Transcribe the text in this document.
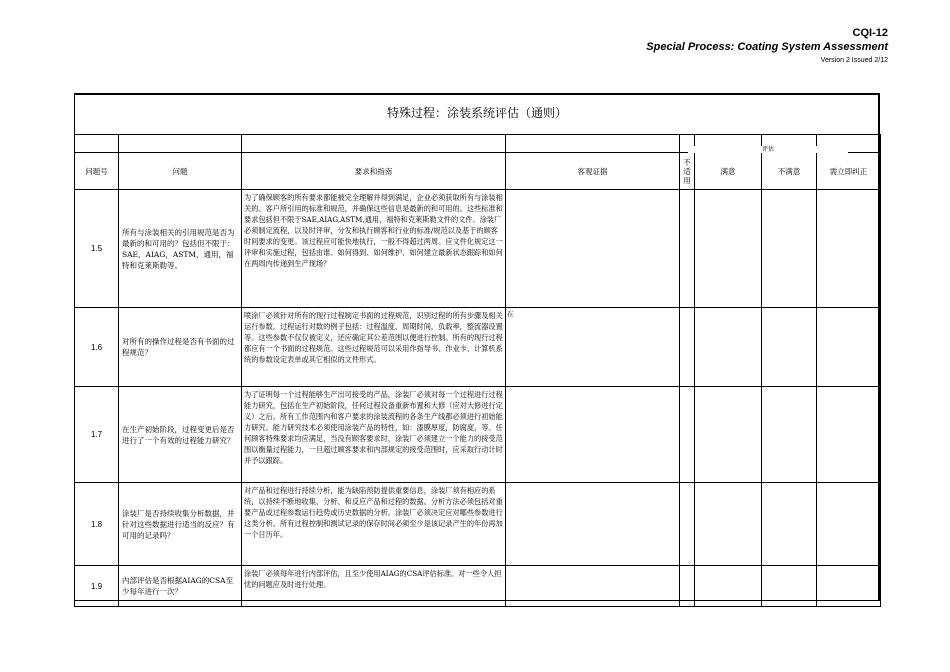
CQI-12
Special Process: Coating System Assessment
Version 2 Issued 2/12
特殊过程：涂装系统评估（通则）

问题号	问题	要求和指南	客观证据	不适用	满意	不满意	需立即纠正
1.5	所有与涂装相关的引用规范是否为最新的和可用的？包括但不限于：SAE，AIAG，ASTM，通用，福特和克莱斯勒等。	为了确保顾客的所有要求都能被完全理解并得到满足，企业必须获取所有与涂装相关的、客户所引用的标准和规范，并确保这些信息是最新的和可用的。这些标准和要求包括但不限于SAE,AIAG,ASTM,通用，福特和克莱斯勒文件的文件。涂装厂必须制定流程，以及时评审，分发和执行顾客和行业的标准/规范以及基于的顾客时间要求的变更。该过程应可能快地执行，一般不得超过两周。应文件化规定这一评审和实施过程，包括由谁、如何得到、如何维护、如何建立最新状态跟踪和如何在两周内传递到生产现场？					
1.6	对所有的操作过程是否有书面的过程规范？	喷涂厂必须针对所有的现行过程制定书面的过程规范，识别过程的所有步骤及相关运行参数。过程运行对数的例子包括：过程温度、周期时间，负载率，整流器设置等。这些参数不仅仅被定义，还应确定其公差范围以便进行控制。所有的现行过程都应有一个书面的过程规范。这些过程规范可以采用作指导书、作业卡、计算机系统的参数设定表单或其它相似的文件形式。	在				
1.7	在生产初始阶段，过程变更后是否进行了一个有效的过程能力研究？	为了证明每一个过程能够生产出可接受的产品，涂装厂必须对每一个过程进行过程能力研究，包括在生产初始阶段，任何过程设备重新布置和大修（应对大修进行定义）之后。所有工作范围内和客户要求的涂装流程的各条生产线都必须进行初始能力研究。能力研究技术必须使用涂装产品的特性，如：漆膜厚度，防腐度，等。任何顾客特殊要求均应满足，当没有顾客要求时，涂装厂必须建立一个能力的接受范围以衡量过程能力，一旦超过顾客要求和内部规定的接受范围时，应采取行动计时并予以跟踪。					
1.8	涂装厂是否持续收集分析数据，并针对这些数据进行适当的反应？有可用的记录吗？	对产品和过程进行持续分析，能为缺陷预防提供重要信息，涂装厂须有相应的系统，以持续不断地收集、分析、和反应产品和过程的数据。分析方法必须包括对重要产品或过程参数运行趋势或历史数据的分析。涂装厂必须决定应对哪些参数进行这类分析。所有过程控制和测试记录的保存时间必须至少是该记录产生的年份再加一个日历年。					
1.9	内部评估是否根据AIAG的CSA至少每年进行一次？	涂装厂必须每年进行内部评估，且至少使用AIAG的CSA评估标准。对一些令人担忧的问题应及时进行处理。					
评估
